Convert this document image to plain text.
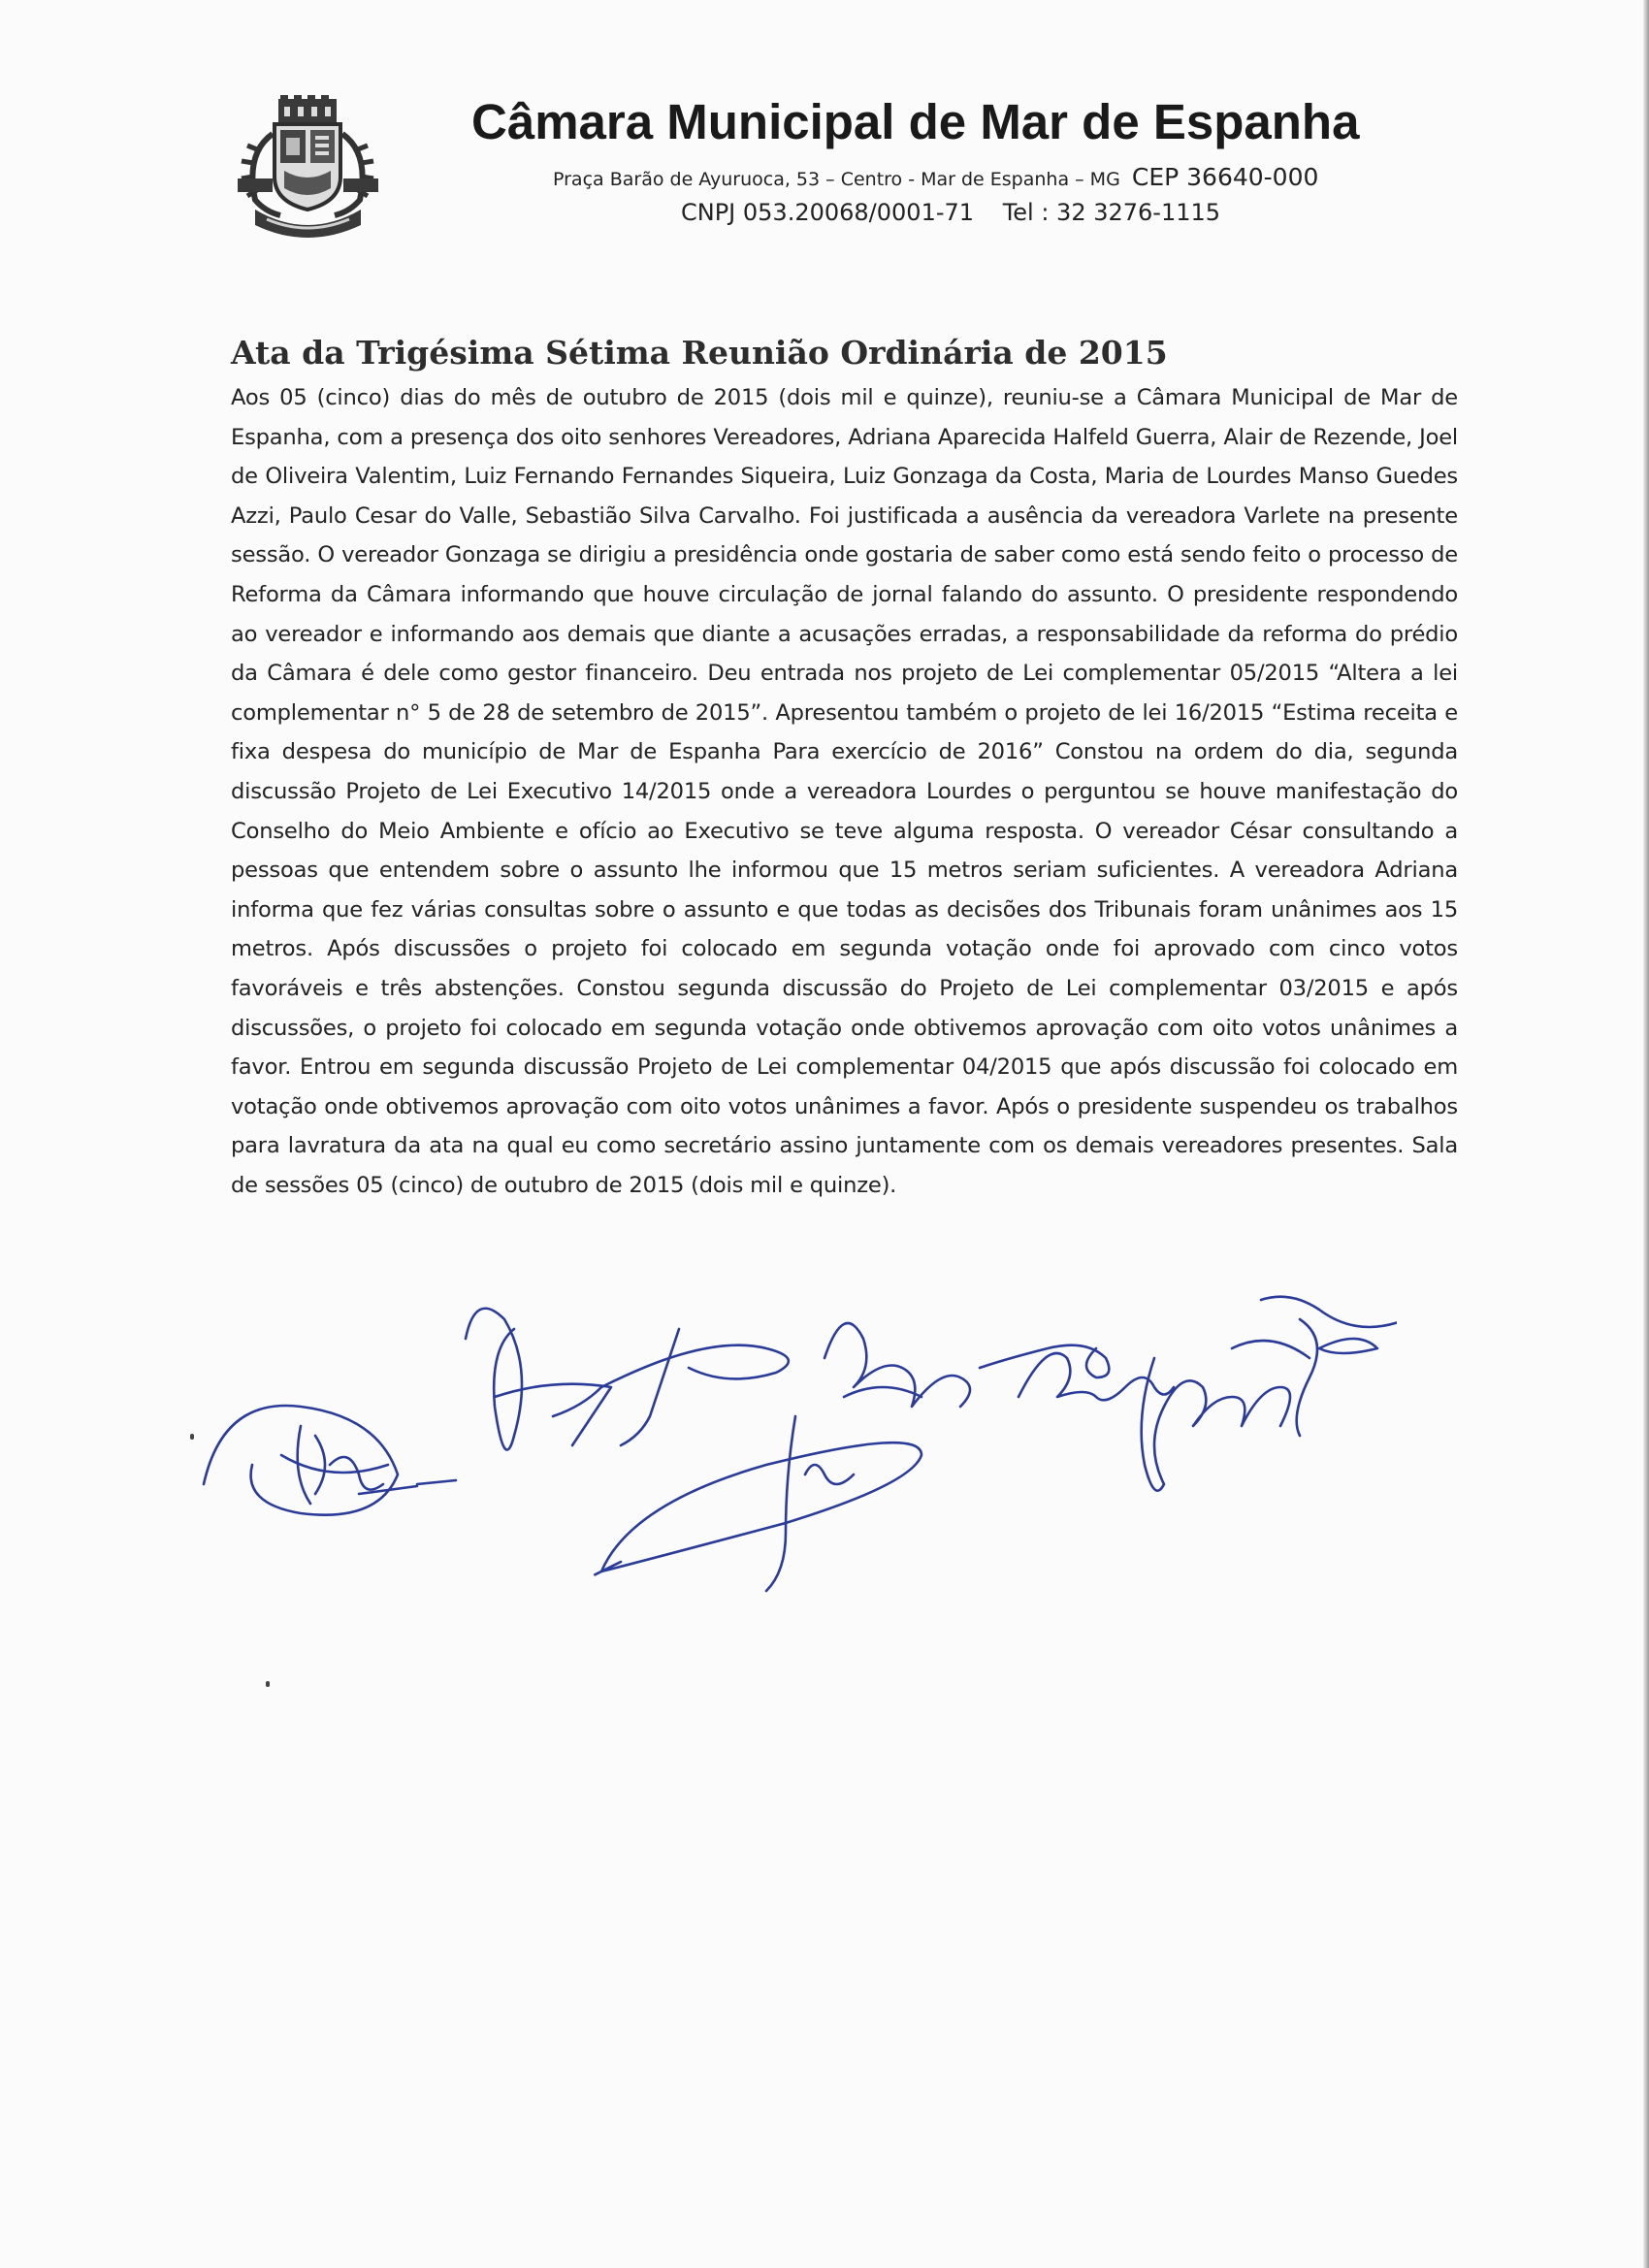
Câmara Municipal de Mar de Espanha
Praça Barão de Ayuruoca, 53 – Centro - Mar de Espanha – MG CEP 36640-000
CNPJ 053.20068/0001-71 Tel : 32 3276-1115
Ata da Trigésima Sétima Reunião Ordinária de 2015

Aos 05 (cinco) dias do mês de outubro de 2015 (dois mil e quinze), reuniu-se a Câmara Municipal de Mar de Espanha, com a presença dos oito senhores Vereadores, Adriana Aparecida Halfeld Guerra, Alair de Rezende, Joel de Oliveira Valentim, Luiz Fernando Fernandes Siqueira, Luiz Gonzaga da Costa, Maria de Lourdes Manso Guedes Azzi, Paulo Cesar do Valle, Sebastião Silva Carvalho. Foi justificada a ausência da vereadora Varlete na presente sessão. O vereador Gonzaga se dirigiu a presidência onde gostaria de saber como está sendo feito o processo de Reforma da Câmara informando que houve circulação de jornal falando do assunto. O presidente respondendo ao vereador e informando aos demais que diante a acusações erradas, a responsabilidade da reforma do prédio da Câmara é dele como gestor financeiro. Deu entrada nos projeto de Lei complementar 05/2015 “Altera a lei complementar n° 5 de 28 de setembro de 2015”. Apresentou também o projeto de lei 16/2015 “Estima receita e fixa despesa do município de Mar de Espanha Para exercício de 2016” Constou na ordem do dia, segunda discussão Projeto de Lei Executivo 14/2015 onde a vereadora Lourdes o perguntou se houve manifestação do Conselho do Meio Ambiente e ofício ao Executivo se teve alguma resposta. O vereador César consultando a pessoas que entendem sobre o assunto lhe informou que 15 metros seriam suficientes. A vereadora Adriana informa que fez várias consultas sobre o assunto e que todas as decisões dos Tribunais foram unânimes aos 15 metros. Após discussões o projeto foi colocado em segunda votação onde foi aprovado com cinco votos favoráveis e três abstenções. Constou segunda discussão do Projeto de Lei complementar 03/2015 e após discussões, o projeto foi colocado em segunda votação onde obtivemos aprovação com oito votos unânimes a favor. Entrou em segunda discussão Projeto de Lei complementar 04/2015 que após discussão foi colocado em votação onde obtivemos aprovação com oito votos unânimes a favor. Após o presidente suspendeu os trabalhos para lavratura da ata na qual eu como secretário assino juntamente com os demais vereadores presentes. Sala de sessões 05 (cinco) de outubro de 2015 (dois mil e quinze).
